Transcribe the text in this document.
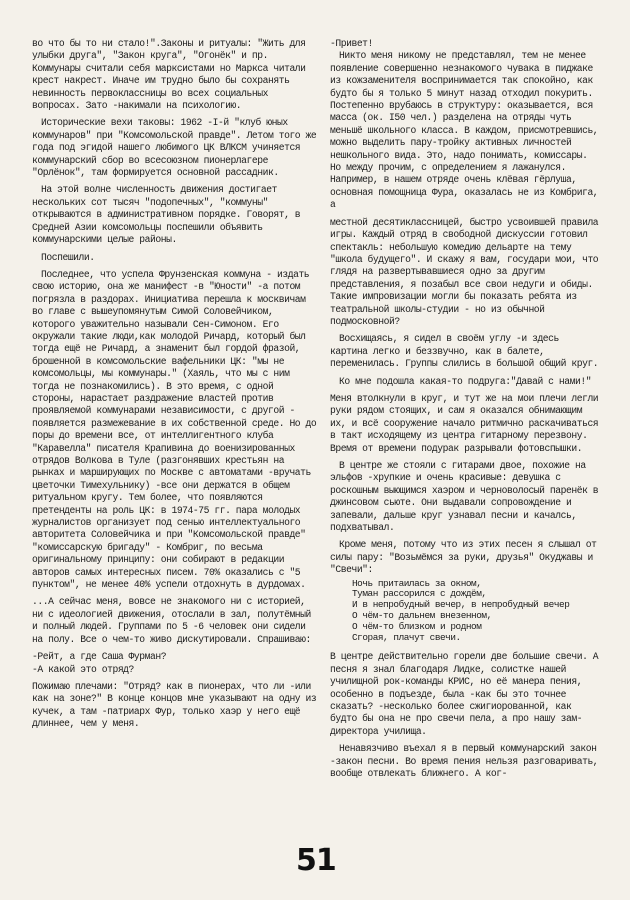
во что бы то ни стало!".Законы и ритуалы: "Жить для улыбки друга", "Закон круга", "Огонёк" и пр. Коммунары считали себя марксистами но Маркса читали крест накрест. Иначе им трудно было бы сохранять невинность первоклассницы во всех социальных вопросах. Зато -накимали на психологию.

Исторические вехи таковы: 1962 -I-й "клуб юных коммунаров" при "Комсомольской правде". Летом того же года под эгидой нашего любимого ЦК ВЛКСМ учиняется коммунарский сбор во всесоюзном пионерлагере "Орлёнок", там формируется основной рассадник.

На этой волне численность движения достигает нескольких сот тысяч "подопечных", "коммуны" открываются в административном порядке. Говорят, в Средней Азии комсомольцы поспешили объявить коммунарскими целые районы.

Поспешили.

Последнее, что успела Фрунзенская коммуна - издать свою историю, она же манифест -в "Юности" -а потом погрязла в раздорах. Инициатива перешла к москвичам во главе с вышеупомянутым Симой Соловейчиком, которого уважительно называли Сен-Симоном. Его окружали такие люди,как молодой Ричард, который был тогда ещё не Ричард, а знаменит был гордой фразой, брошенной в комсомольские вафельники ЦК: "мы не комсомольцы, мы коммунары." (Хаяль, что мы с ним тогда не познакомились). В это время, с одной стороны, нарастает раздражение властей против проявляемой коммунарами независимости, с другой - появляется размежевание в их собственной среде. Но до поры до времени все, от интеллигентного клуба "Каравелла" писателя Крапивина до военизированных отрядов Волкова в Туле (разгонявших крестьян на рынках и марширующих по Москве с автоматами -вручать цветочки Тимехульнику) -все они держатся в общем ритуальном кругу. Тем более, что появляются претенденты на роль ЦК: в 1974-75 гг. пара молодых журналистов организует под сенью интеллектуального авторитета Соловейчика и при "Комсомольской правде" "комиссарскую бригаду" - Комбриг, по весьма оригинальному принципу: они собирают в редакции авторов самых интересных писем. 70% оказались с "5 пунктом", не менее 40% успели отдохнуть в дурдомах.

...А сейчас меня, вовсе не знакомого ни с историей, ни с идеологией движения, отослали в зал, полутёмный и полный людей. Группами по 5 -6 человек они сидели на полу. Все о чем-то живо дискутировали. Спрашиваю:

-Рейт, а где Саша Фурман?

-А какой это отряд?

Пожимаю плечами: "Отряд? как в пионерах, что ли -или как на зоне?" В конце концов мне указывают на одну из кучек, а там -патриарх Фур, только хаэр у него ещё длиннее, чем у меня.

-Привет!

Никто меня никому не представлял, тем не менее появление совершенно незнакомого чувака в пиджаке из кожзаменителя воспринимается так спокойно, как будто бы я только 5 минут назад отходил покурить. Постепенно врубаюсь в структуру: оказывается, вся масса (ок. I50 чел.) разделена на отряды чуть меньшё школьного класса. В каждом, присмотревшись, можно выделить пару-тройку активных личностей нешкольного вида. Это, надо понимать, комиссары. Но между прочим, с определением я лажанулся. Например, в нашем отряде очень клёвая гёрлуша, основная помощница Фура, оказалась не из Комбрига, а

местной десятиклассницей, быстро усвоившей правила игры. Каждый отряд в свободной дискуссии готовил спектакль: небольшую комедию дельарте на тему "школа будущего". И скажу я вам, государи мои, что глядя на развертывавшиеся одно за другим представления, я позабыл все свои недуги и обиды. Такие импровизации могли бы показать ребята из театральной школы-студии - но из обычной подмосковной?

Восхищаясь, я сидел в своём углу -и здесь картина легко и беззвучно, как в балете, переменилась. Группы слились в большой общий круг.

Ко мне подошла какая-то подруга:"Давай с нами!"

Меня втолкнули в круг, и тут же на мои плечи легли руки рядом стоящих, и сам я оказался обнимающим их, и всё сооружение начало ритмично раскачиваться в такт исходящему из центра гитарному перезвону. Время от времени подурак разрывали фотовспышки.

В центре же стояли с гитарами двое, похожие на эльфов -хрупкие и очень красивые: девушка с роскошным выющимся хаэром и черноволосый паренёк в джинсовом сьюте. Они выдавали сопровождение и запевали, дальше круг узнавал песни и качалсь, подхватывал.

Кроме меня, потому что из этих песен я слышал от силы пару: "Возьмёмся за руки, друзья" Окуджавы и "Свечи":

Ночь притаилась за окном,
Туман рассорился с дождём,
И в непробудный вечер, в непробудный вечер
О чём-то дальнем внезенном,
О чём-то близком и родном
Сгорая, плачут свечи.

В центре действительно горели две большие свечи. А песня я знал благодаря Лидке, солистке нашей училищной рок-команды КРИС, но её манера пения, особенно в подъезде, была -как бы это точнее сказать? -несколько более сжигиорованной, как будто бы она не про свечи пела, а про нашу зам-директора училища.

Ненавязчиво въехал я в первый коммунарский закон -закон песни. Во время пения нельзя разговаривать, вообще отвлекать ближнего. А ког-

51
